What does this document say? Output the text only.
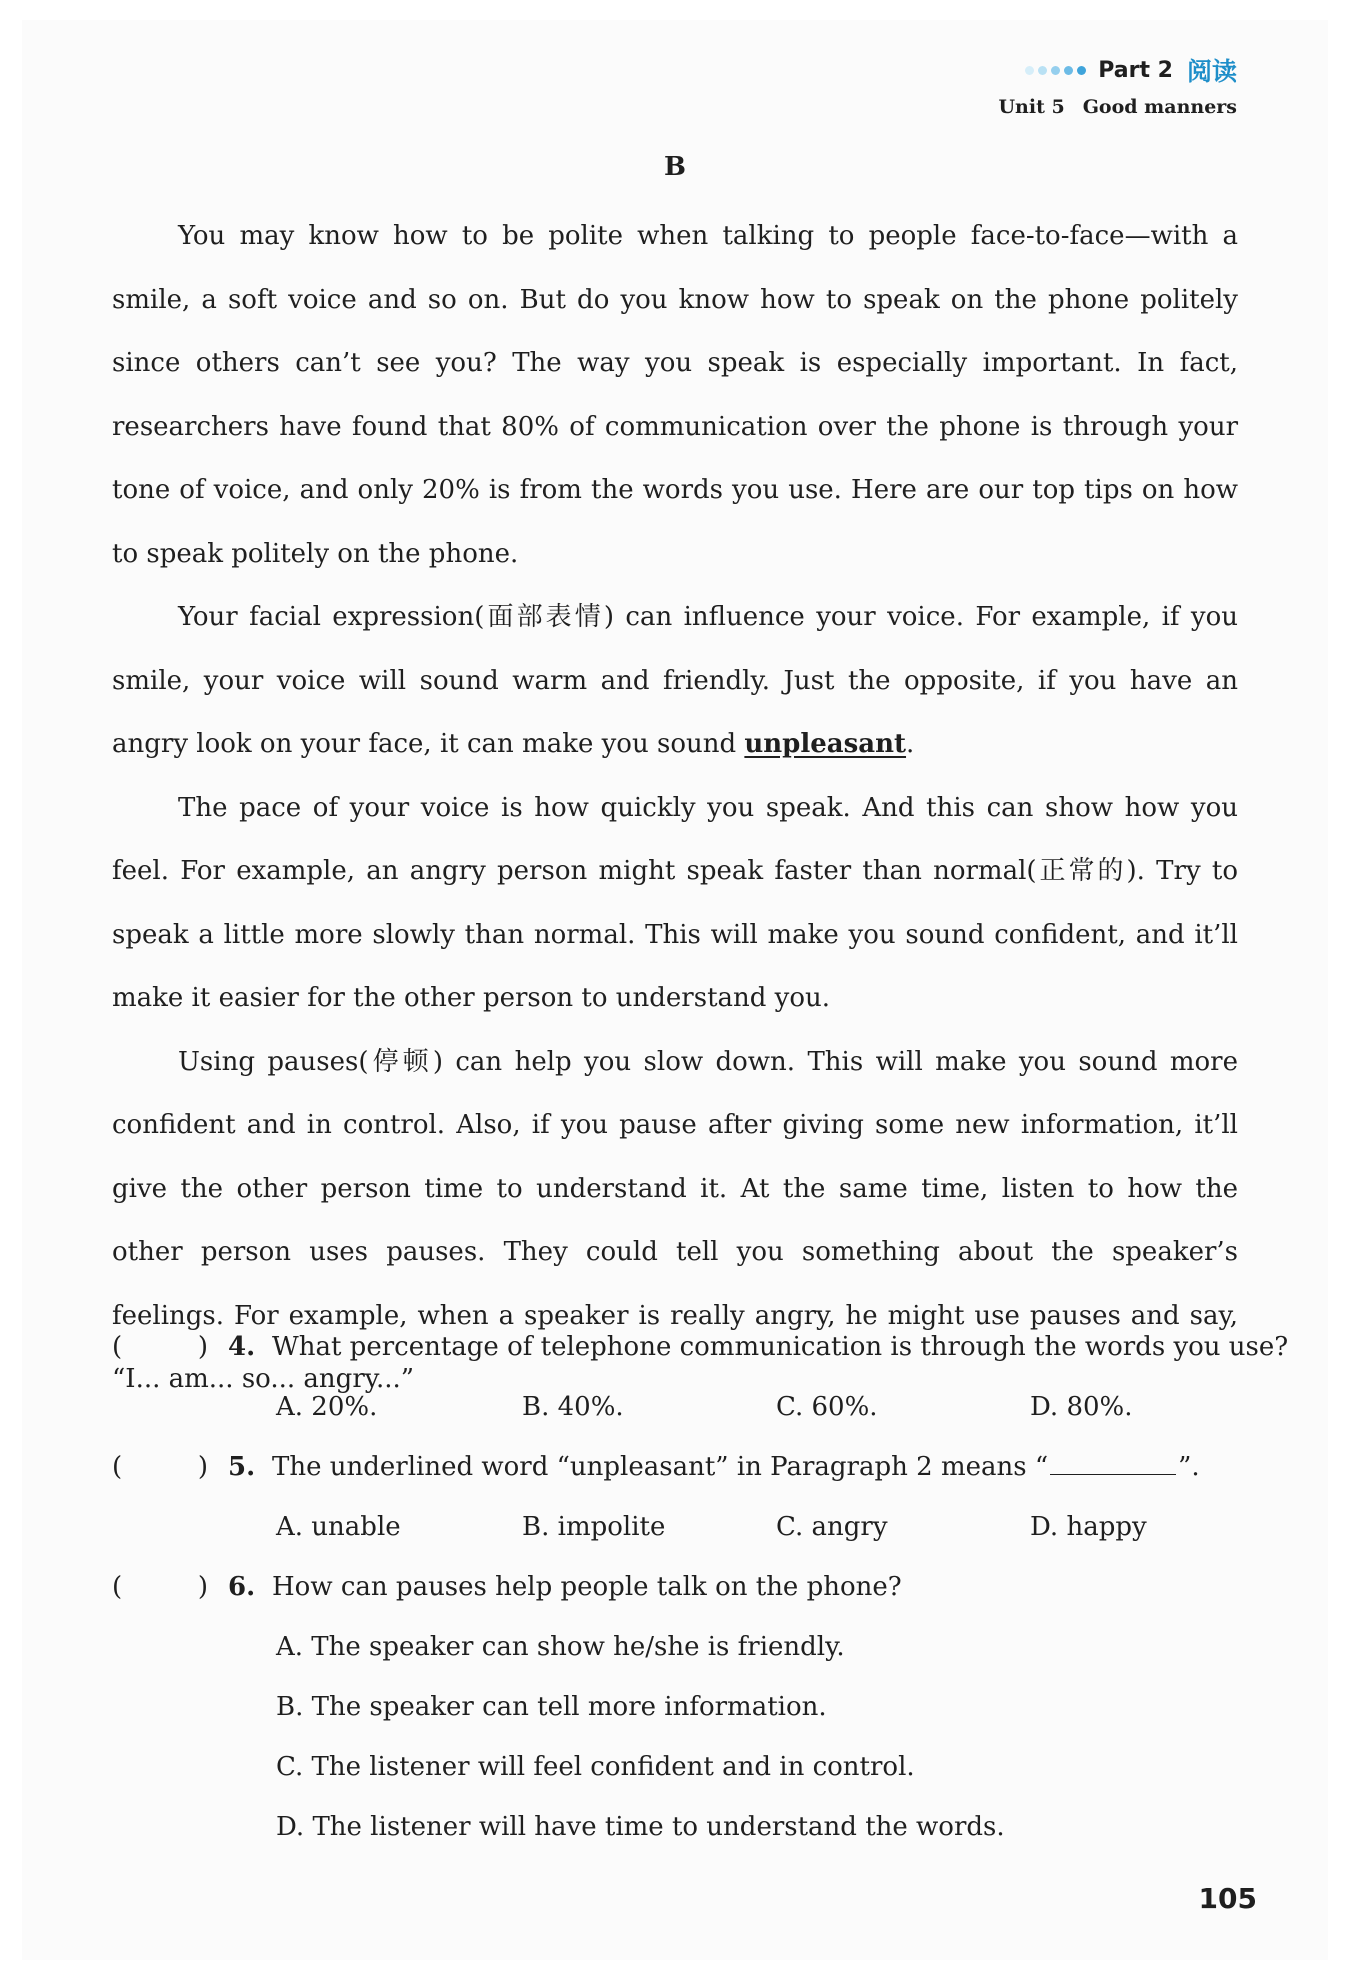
Part 2 阅读
Unit 5 Good manners
B

You may know how to be polite when talking to people face-to-face—with a smile, a soft voice and so on. But do you know how to speak on the phone politely since others can’t see you? The way you speak is especially important. In fact, researchers have found that 80% of communication over the phone is through your tone of voice, and only 20% is from the words you use. Here are our top tips on how to speak politely on the phone.

Your facial expression(面部表情) can influence your voice. For example, if you smile, your voice will sound warm and friendly. Just the opposite, if you have an angry look on your face, it can make you sound unpleasant.

The pace of your voice is how quickly you speak. And this can show how you feel. For example, an angry person might speak faster than normal(正常的). Try to speak a little more slowly than normal. This will make you sound confident, and it’ll make it easier for the other person to understand you.

Using pauses(停顿) can help you slow down. This will make you sound more confident and in control. Also, if you pause after giving some new information, it’ll give the other person time to understand it. At the same time, listen to how the other person uses pauses. They could tell you something about the speaker’s feelings. For example, when a speaker is really angry, he might use pauses and say, “I... am... so... angry...”

(	) 4. What percentage of telephone communication is through the words you use?
A. 20%.	B. 40%.	C. 60%.	D. 80%.
(	) 5. The underlined word “unpleasant” in Paragraph 2 means “	”.
A. unable	B. impolite	C. angry	D. happy
(	) 6. How can pauses help people talk on the phone?
A. The speaker can show he/she is friendly.
B. The speaker can tell more information.
C. The listener will feel confident and in control.
D. The listener will have time to understand the words.
105
